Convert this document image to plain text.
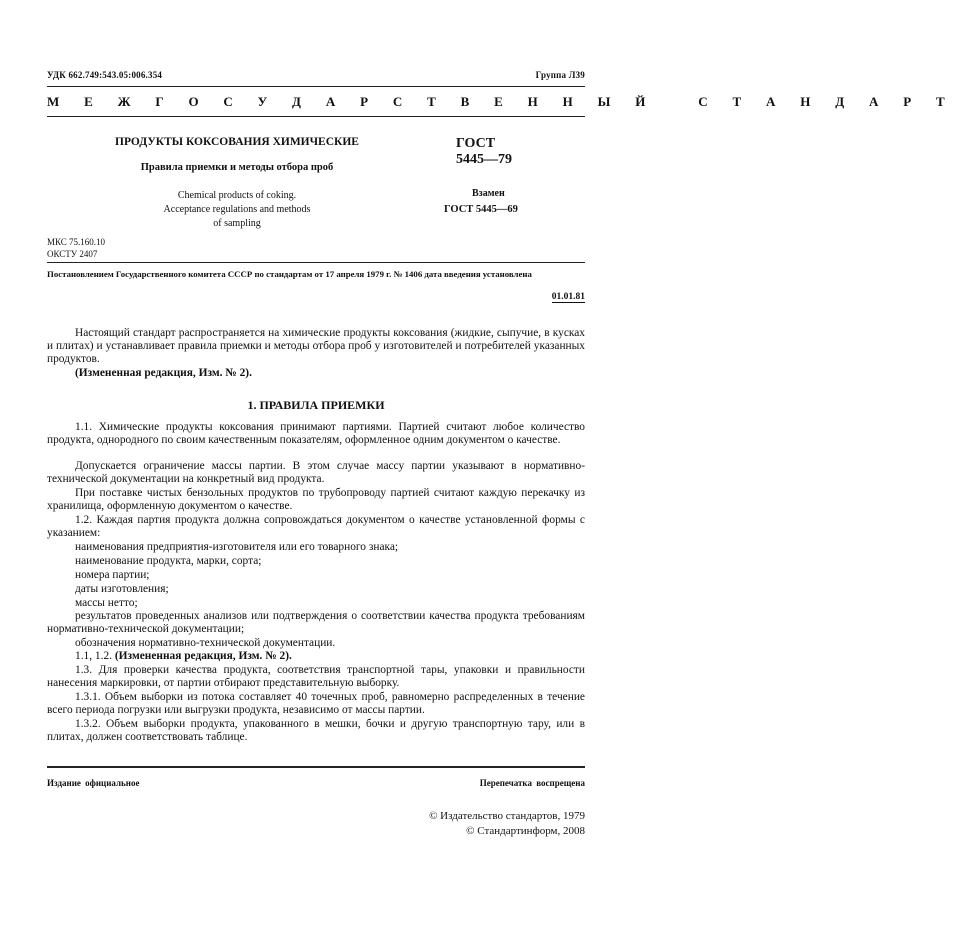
УДК 662.749:543.05:006.354	Группа Л39
М Е Ж Г О С У Д А Р С Т В Е Н Н Ы Й   С Т А Н Д А Р Т
ПРОДУКТЫ КОКСОВАНИЯ ХИМИЧЕСКИЕ
Правила приемки и методы отбора проб
Chemical products of coking.
Acceptance regulations and methods
of sampling
ГОСТ
5445—79
Взамен
ГОСТ 5445—69
МКС 75.160.10
ОКСТУ 2407
Постановлением Государственного комитета СССР по стандартам от 17 апреля 1979 г. № 1406 дата введения установлена
01.01.81
Настоящий стандарт распространяется на химические продукты коксования (жидкие, сыпучие, в кусках и плитах) и устанавливает правила приемки и методы отбора проб у изготовителей и потребителей указанных продуктов.
(Измененная редакция, Изм. № 2).
1. ПРАВИЛА ПРИЕМКИ
1.1. Химические продукты коксования принимают партиями. Партией считают любое количество продукта, однородного по своим качественным показателям, оформленное одним документом о качестве.
Допускается ограничение массы партии. В этом случае массу партии указывают в нормативно-технической документации на конкретный вид продукта.
При поставке чистых бензольных продуктов по трубопроводу партией считают каждую перекачку из хранилища, оформленную документом о качестве.
1.2. Каждая партия продукта должна сопровождаться документом о качестве установленной формы с указанием:
наименования предприятия-изготовителя или его товарного знака;
наименование продукта, марки, сорта;
номера партии;
даты изготовления;
массы нетто;
результатов проведенных анализов или подтверждения о соответствии качества продукта требованиям нормативно-технической документации;
обозначения нормативно-технической документации.
1.1, 1.2. (Измененная редакция, Изм. № 2).
1.3. Для проверки качества продукта, соответствия транспортной тары, упаковки и правильности нанесения маркировки, от партии отбирают представительную выборку.
1.3.1. Объем выборки из потока составляет 40 точечных проб, равномерно распределенных в течение всего периода погрузки или выгрузки продукта, независимо от массы партии.
1.3.2. Объем выборки продукта, упакованного в мешки, бочки и другую транспортную тару, или в плитах, должен соответствовать таблице.
Издание официальное	Перепечатка воспрещена
© Издательство стандартов, 1979
© Стандартинформ, 2008
